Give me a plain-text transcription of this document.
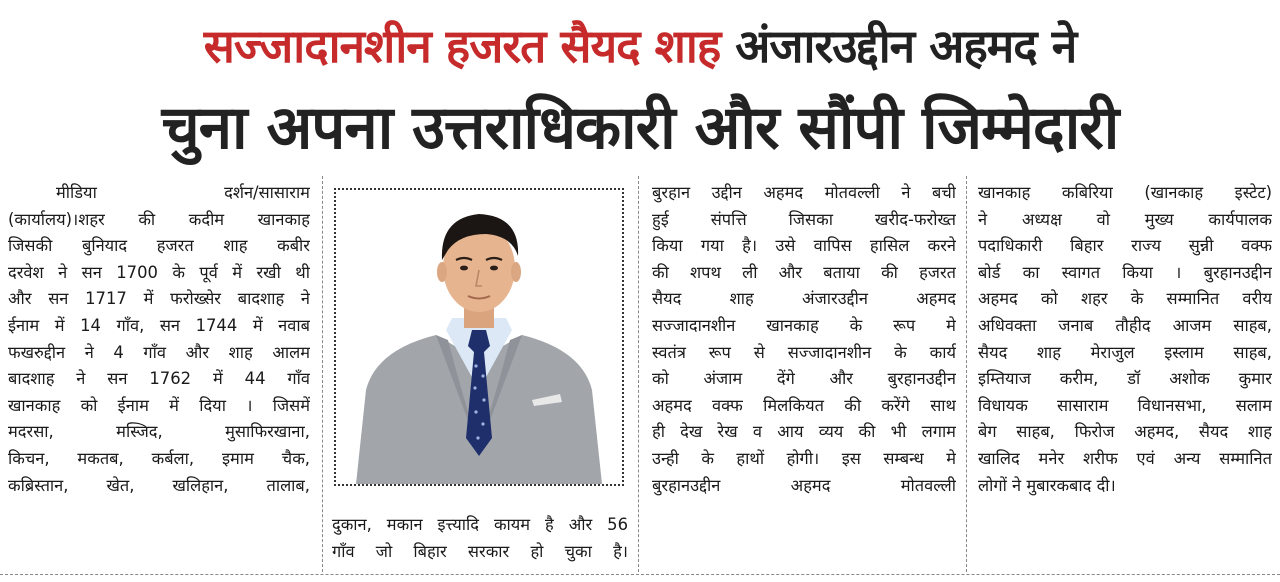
सज्जादानशीन हजरत सैयद शाह अंजारउद्दीन अहमद ने
चुना अपना उत्तराधिकारी और सौंपी जिम्मेदारी
मीडिया दर्शन/सासाराम
(कार्यालय)।शहर की कदीम खानकाह
जिसकी बुनियाद हजरत शाह कबीर
दरवेश ने सन 1700 के पूर्व में रखी थी
और सन 1717 में फरोख्सेर बादशाह ने
ईनाम में 14 गाँव, सन 1744 में नवाब
फखरुद्दीन ने 4 गाँव और शाह आलम
बादशाह ने सन 1762 में 44 गाँव
खानकाह को ईनाम में दिया । जिसमें
मदरसा, मस्जिद, मुसाफिरखाना,
किचन, मकतब, कर्बला, इमाम चैक,
कब्रिस्तान, खेत, खलिहान, तालाब,
दुकान, मकान इत्त्यादि कायम है और 56
गाँव जो बिहार सरकार हो चुका है।
बुरहान उद्दीन अहमद मोतवल्ली ने बची
हुई संपत्ति जिसका खरीद-फरोख्त
किया गया है। उसे वापिस हासिल करने
की शपथ ली और बताया की हजरत
सैयद शाह अंजारउद्दीन अहमद
सज्जादानशीन खानकाह के रूप मे
स्वतंत्र रूप से सज्जादानशीन के कार्य
को अंजाम देंगे और बुरहानउद्दीन
अहमद वक्फ मिलकियत की करेंगे साथ
ही देख रेख व आय व्यय की भी लगाम
उन्ही के हाथों होगी। इस सम्बन्ध मे
बुरहानउद्दीन अहमद मोतवल्ली
खानकाह कबिरिया (खानकाह इस्टेट)
ने अध्यक्ष वो मुख्य कार्यपालक
पदाधिकारी बिहार राज्य सुन्नी वक्फ
बोर्ड का स्वागत किया । बुरहानउद्दीन
अहमद को शहर के सम्मानित वरीय
अधिवक्ता जनाब तौहीद आजम साहब,
सैयद शाह मेराजुल इस्लाम साहब,
इम्तियाज करीम, डॉ अशोक कुमार
विधायक सासाराम विधानसभा, सलाम
बेग साहब, फिरोज अहमद, सैयद शाह
खालिद मनेर शरीफ एवं अन्य सम्मानित
लोगों ने मुबारकबाद दी।
